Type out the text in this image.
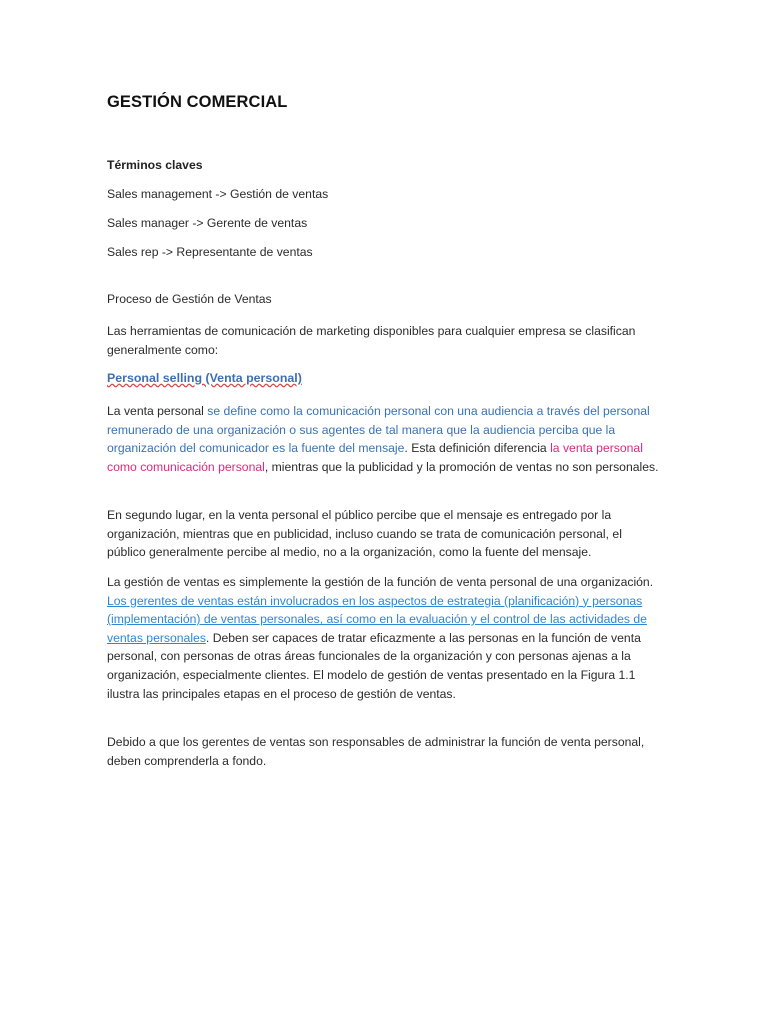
GESTIÓN COMERCIAL
Términos claves
Sales management -> Gestión de ventas
Sales manager -> Gerente de ventas
Sales rep -> Representante de ventas
Proceso de Gestión de Ventas
Las herramientas de comunicación de marketing disponibles para cualquier empresa se clasifican generalmente como:
Personal selling (Venta personal)
La venta personal se define como la comunicación personal con una audiencia a través del personal remunerado de una organización o sus agentes de tal manera que la audiencia perciba que la organización del comunicador es la fuente del mensaje. Esta definición diferencia la venta personal como comunicación personal, mientras que la publicidad y la promoción de ventas no son personales.
En segundo lugar, en la venta personal el público percibe que el mensaje es entregado por la organización, mientras que en publicidad, incluso cuando se trata de comunicación personal, el público generalmente percibe al medio, no a la organización, como la fuente del mensaje.
La gestión de ventas es simplemente la gestión de la función de venta personal de una organización. Los gerentes de ventas están involucrados en los aspectos de estrategia (planificación) y personas (implementación) de ventas personales, así como en la evaluación y el control de las actividades de ventas personales. Deben ser capaces de tratar eficazmente a las personas en la función de venta personal, con personas de otras áreas funcionales de la organización y con personas ajenas a la organización, especialmente clientes. El modelo de gestión de ventas presentado en la Figura 1.1 ilustra las principales etapas en el proceso de gestión de ventas.
Debido a que los gerentes de ventas son responsables de administrar la función de venta personal, deben comprenderla a fondo.
